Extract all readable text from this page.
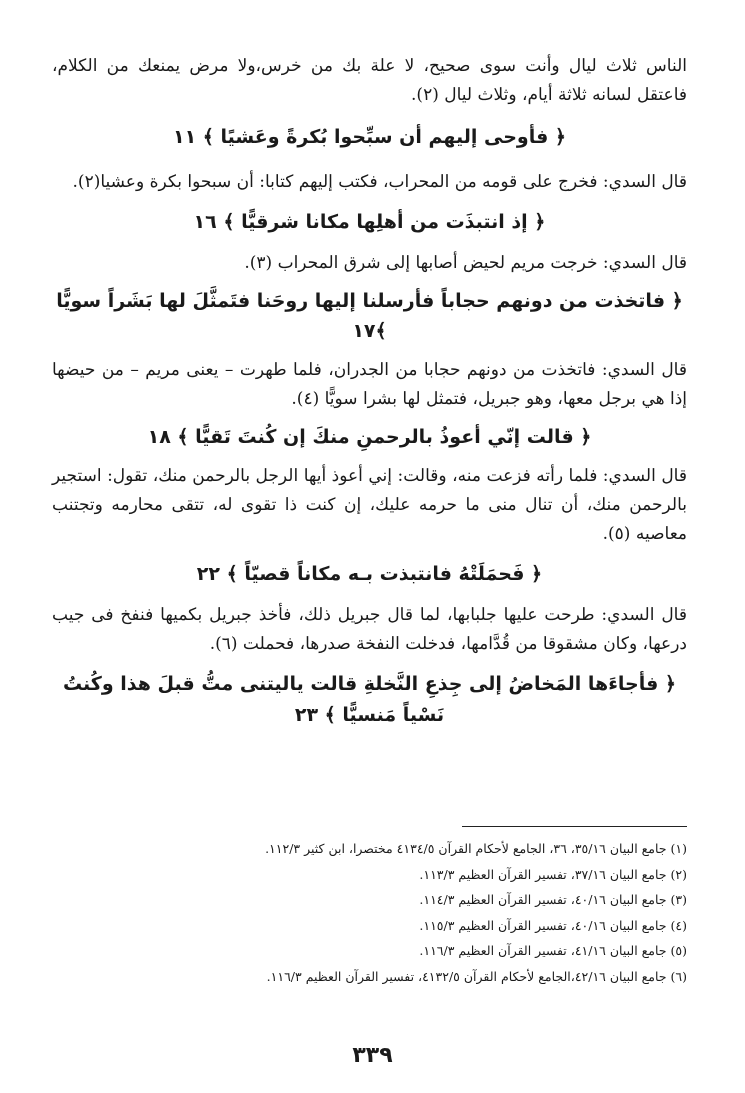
الناس ثلاث ليال وأنت سوى صحيح، لا علة بك من خرس،ولا مرض يمنعك من الكلام، فاعتقل لسانه ثلاثة أيام، وثلاث ليال (٢).

﴿ فأوحى إليهم أن سبِّحوا بُكرةً وعَشيًا ﴾ ١١

قال السدي: فخرج على قومه من المحراب، فكتب إليهم كتابا: أن سبحوا بكرة وعشيا(٢).

﴿ إذ انتبذَت من أهلِها مكانا شرقيًّا ﴾ ١٦

قال السدي: خرجت مريم لحيض أصابها إلى شرق المحراب (٣).

﴿ فاتخذت من دونهم حجاباً فأرسلنا إليها روحَنا فتَمثَّلَ لها بَشَراً سويًّا ﴾١٧

قال السدي: فاتخذت من دونهم حجابا من الجدران، فلما طهرت – يعنى مريم – من حيضها إذا هي برجل معها، وهو جبريل، فتمثل لها بشرا سويًّا (٤).

﴿ قالت إنّي أعوذُ بالرحمنِ منكَ إن كُنتَ تَقيًّا ﴾ ١٨

قال السدي: فلما رأته فزعت منه، وقالت: إني أعوذ أيها الرجل بالرحمن منك، تقول: استجير بالرحمن منك، أن تنال منى ما حرمه عليك، إن كنت ذا تقوى له، تتقى محارمه وتجتنب معاصيه (٥).

﴿ فَحمَلَتْهُ فانتبذت بـه مكاناً قصيّاً ﴾ ٢٢

قال السدي: طرحت عليها جلبابها، لما قال جبريل ذلك، فأخذ جبريل بكميها فنفخ فى جيب درعها، وكان مشقوقا من قُدَّامها، فدخلت النفخة صدرها، فحملت (٦).

﴿ فأجاءَها المَخاضُ إلى جِذعِ النَّخلةِ قالت ياليتنى متُّ قبلَ هذا وكُنتُ نَسْياً مَنسيًّا ﴾ ٢٣

(١) جامع البيان ٣٥/١٦، ٣٦، الجامع لأحكام القرآن ٤١٣٤/٥ مختصرا، ابن كثير ١١٢/٣.

(٢) جامع البيان ٣٧/١٦، تفسير القرآن العظيم ١١٣/٣.

(٣) جامع البيان ٤٠/١٦، تفسير القرآن العظيم ١١٤/٣.

(٤) جامع البيان ٤٠/١٦، تفسير القرآن العظيم ١١٥/٣.

(٥) جامع البيان ٤١/١٦، تفسير القرآن العظيم ١١٦/٣.

(٦) جامع البيان ٤٢/١٦،الجامع لأحكام القرآن ٤١٣٢/٥، تفسير القرآن العظيم ١١٦/٣.

٣٣٩
